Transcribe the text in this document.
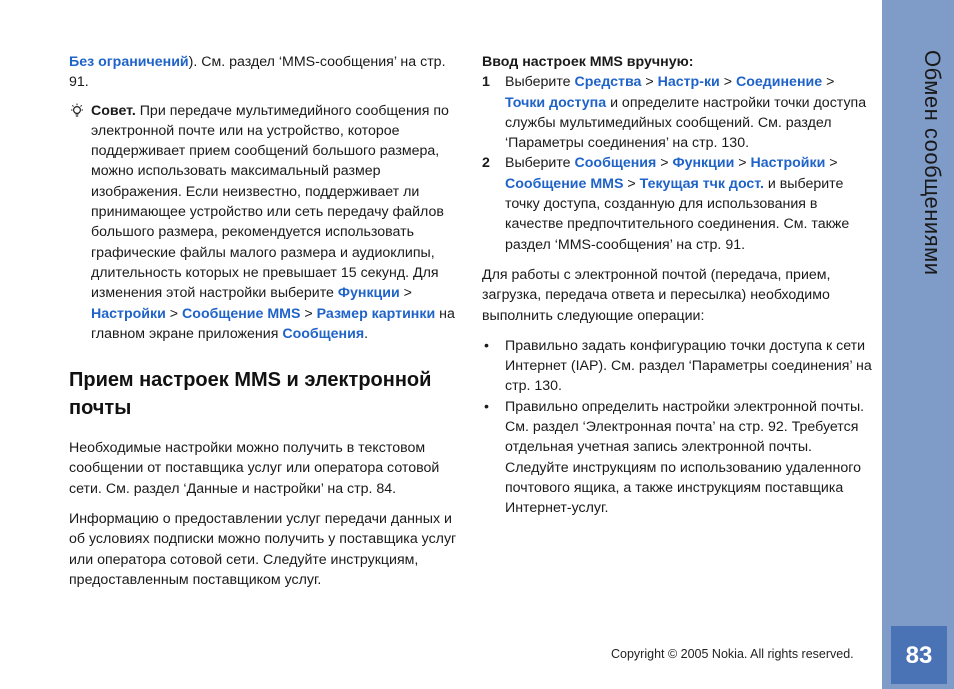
Без ограничений). См. раздел ‘MMS-сообщения’ на стр. 91.

Совет. При передаче мультимедийного сообщения по электронной почте или на устройство, которое поддерживает прием сообщений большого размера, можно использовать максимальный размер изображения. Если неизвестно, поддерживает ли принимающее устройство или сеть передачу файлов большого размера, рекомендуется использовать графические файлы малого размера и аудиоклипы, длительность которых не превышает 15 секунд. Для изменения этой настройки выберите Функции > Настройки > Сообщение MMS > Размер картинки на главном экране приложения Сообщения.

Прием настроек MMS и электронной почты

Необходимые настройки можно получить в текстовом сообщении от поставщика услуг или оператора сотовой сети. См. раздел ‘Данные и настройки’ на стр. 84.

Информацию о предоставлении услуг передачи данных и об условиях подписки можно получить у поставщика услуг или оператора сотовой сети. Следуйте инструкциям, предоставленным поставщиком услуг.

Ввод настроек MMS вручную:

1 Выберите Средства > Настр-ки > Соединение > Точки доступа и определите настройки точки доступа службы мультимедийных сообщений. См. раздел ‘Параметры соединения’ на стр. 130.
2 Выберите Сообщения > Функции > Настройки > Сообщение MMS > Текущая тчк дост. и выберите точку доступа, созданную для использования в качестве предпочтительного соединения. См. также раздел ‘MMS-сообщения’ на стр. 91.

Для работы с электронной почтой (передача, прием, загрузка, передача ответа и пересылка) необходимо выполнить следующие операции:

• Правильно задать конфигурацию точки доступа к сети Интернет (IAP). См. раздел ‘Параметры соединения’ на стр. 130.
• Правильно определить настройки электронной почты. См. раздел ‘Электронная почта’ на стр. 92. Требуется отдельная учетная запись электронной почты. Следуйте инструкциям по использованию удаленного почтового ящика, а также инструкциям поставщика Интернет-услуг.
Обмен сообщениями
83
Copyright © 2005 Nokia. All rights reserved.
